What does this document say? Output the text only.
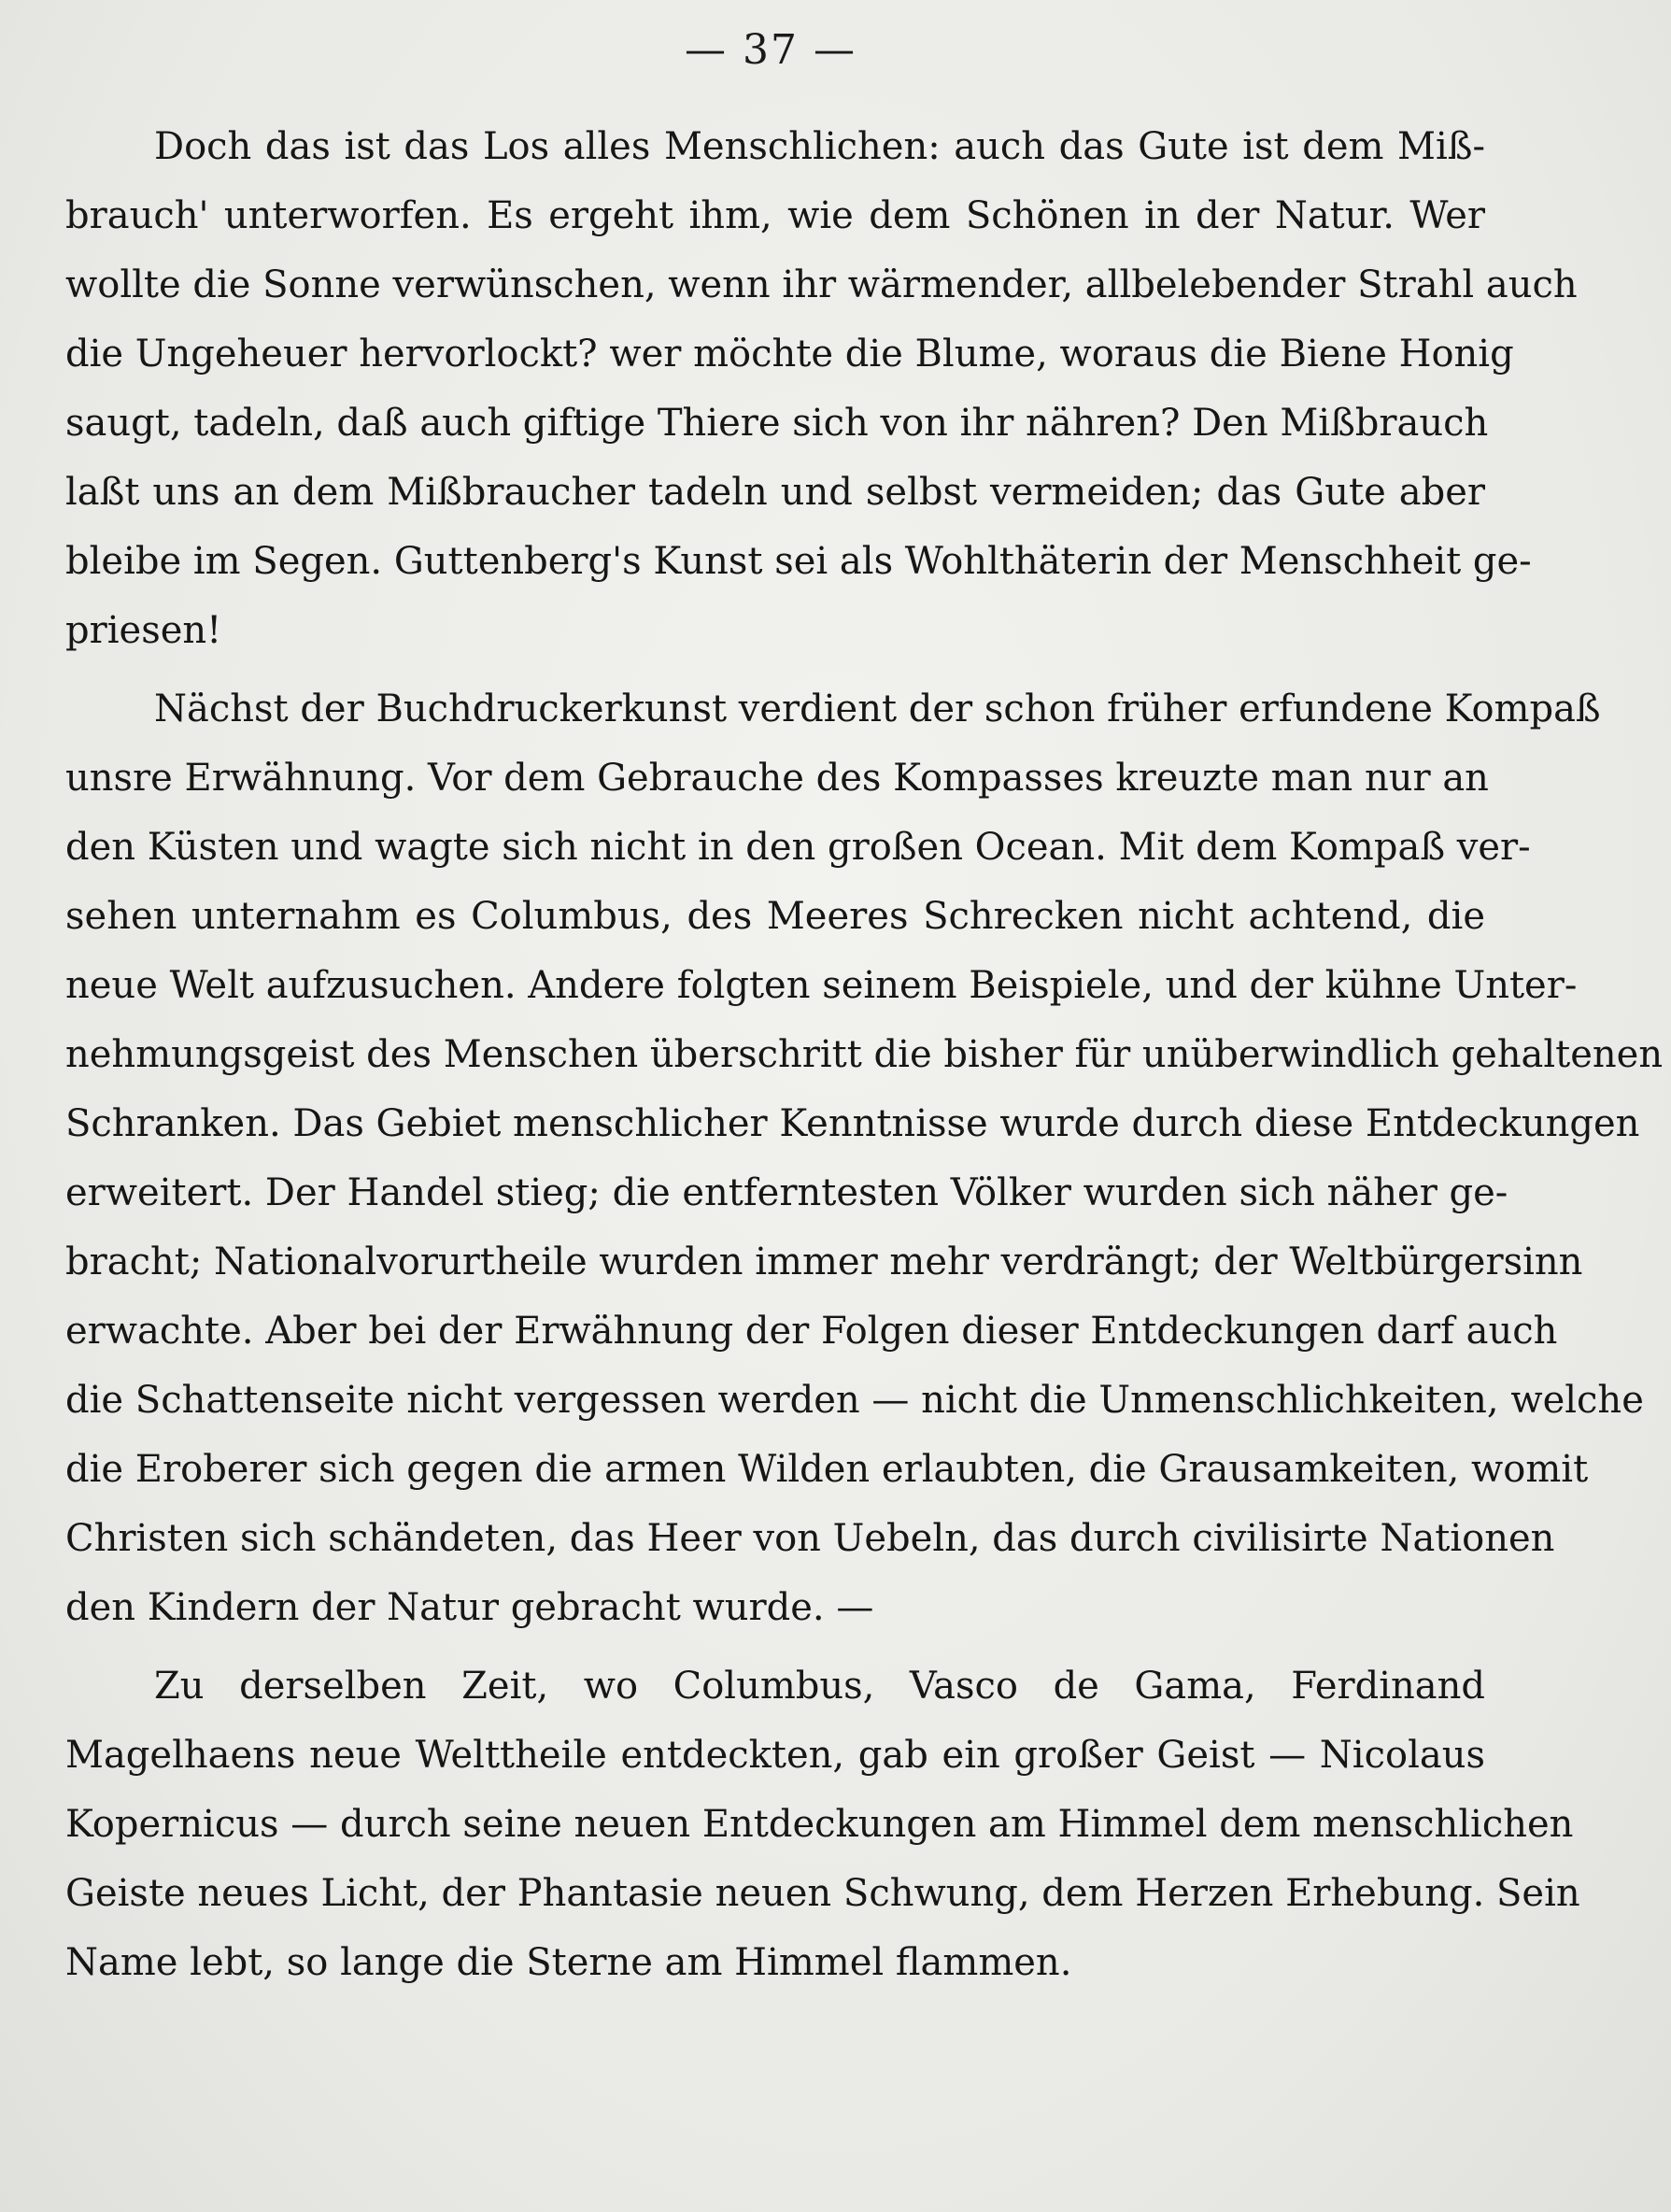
— 37 —
Doch das ist das Los alles Menschlichen: auch das Gute ist dem Miß-
brauch' unterworfen. Es ergeht ihm, wie dem Schönen in der Natur. Wer
wollte die Sonne verwünschen, wenn ihr wärmender, allbelebender Strahl auch
die Ungeheuer hervorlockt? wer möchte die Blume, woraus die Biene Honig
saugt, tadeln, daß auch giftige Thiere sich von ihr nähren? Den Mißbrauch
laßt uns an dem Mißbraucher tadeln und selbst vermeiden; das Gute aber
bleibe im Segen. Guttenberg's Kunst sei als Wohlthäterin der Menschheit ge-
priesen!
Nächst der Buchdruckerkunst verdient der schon früher erfundene Kompaß
unsre Erwähnung. Vor dem Gebrauche des Kompasses kreuzte man nur an
den Küsten und wagte sich nicht in den großen Ocean. Mit dem Kompaß ver-
sehen unternahm es Columbus, des Meeres Schrecken nicht achtend, die
neue Welt aufzusuchen. Andere folgten seinem Beispiele, und der kühne Unter-
nehmungsgeist des Menschen überschritt die bisher für unüberwindlich gehaltenen
Schranken. Das Gebiet menschlicher Kenntnisse wurde durch diese Entdeckungen
erweitert. Der Handel stieg; die entferntesten Völker wurden sich näher ge-
bracht; Nationalvorurtheile wurden immer mehr verdrängt; der Weltbürgersinn
erwachte. Aber bei der Erwähnung der Folgen dieser Entdeckungen darf auch
die Schattenseite nicht vergessen werden — nicht die Unmenschlichkeiten, welche
die Eroberer sich gegen die armen Wilden erlaubten, die Grausamkeiten, womit
Christen sich schändeten, das Heer von Uebeln, das durch civilisirte Nationen
den Kindern der Natur gebracht wurde. —
Zu derselben Zeit, wo Columbus, Vasco de Gama, Ferdinand
Magelhaens neue Welttheile entdeckten, gab ein großer Geist — Nicolaus
Kopernicus — durch seine neuen Entdeckungen am Himmel dem menschlichen
Geiste neues Licht, der Phantasie neuen Schwung, dem Herzen Erhebung. Sein
Name lebt, so lange die Sterne am Himmel flammen.
